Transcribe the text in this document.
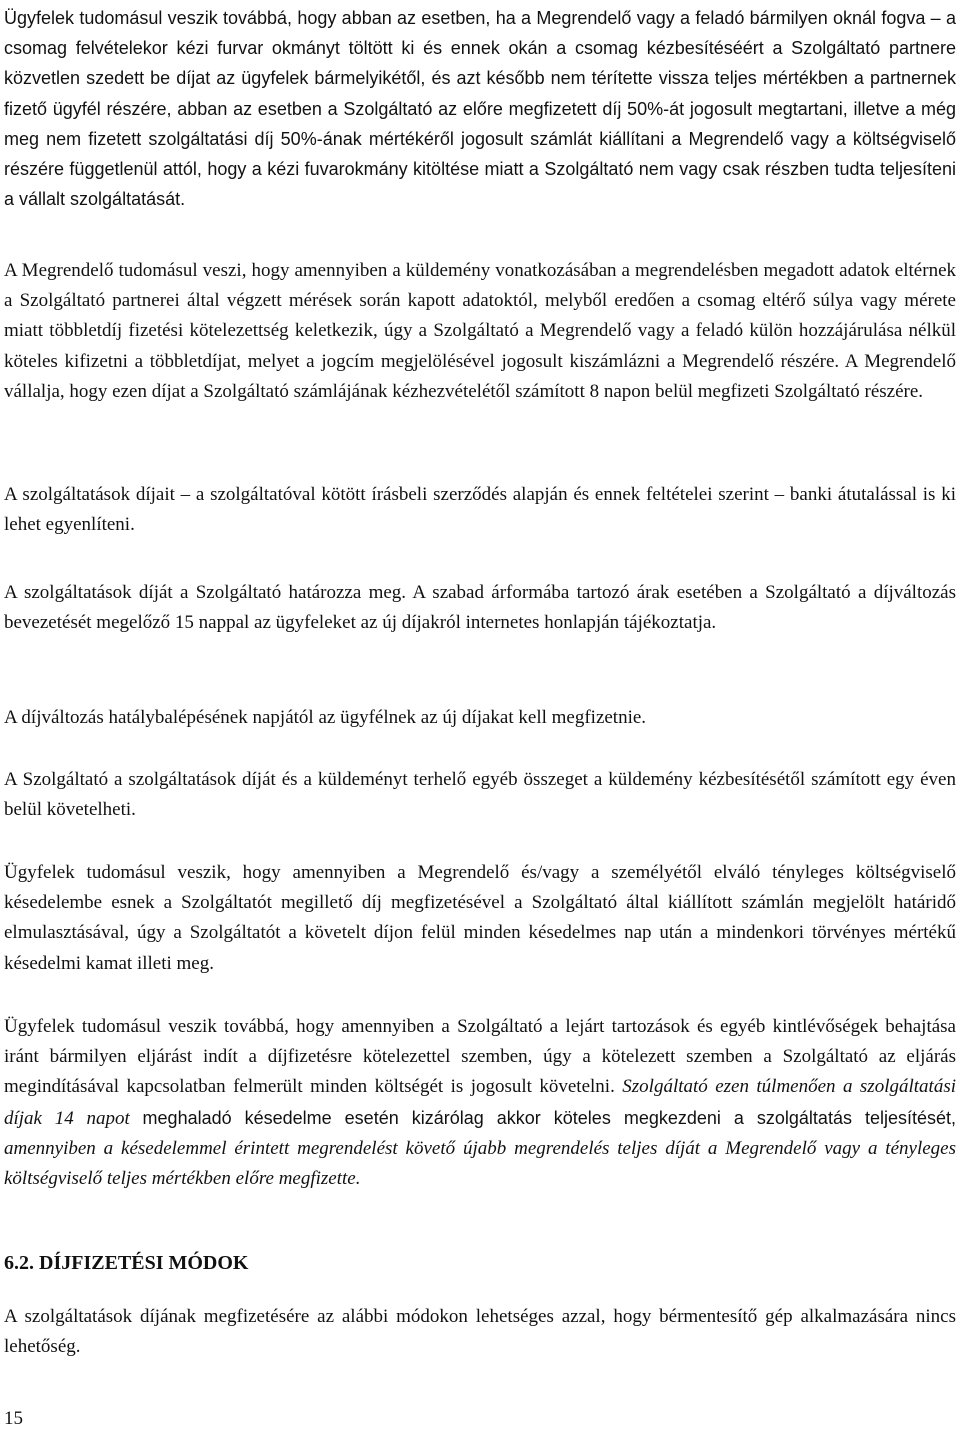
Ügyfelek tudomásul veszik továbbá, hogy abban az esetben, ha a Megrendelő vagy a feladó bármilyen oknál fogva – a csomag felvételekor kézi furvar okmányt töltött ki és ennek okán a csomag kézbesítéséért a Szolgáltató partnere közvetlen szedett be díjat az ügyfelek bármelyikétől, és azt később nem térítette vissza teljes mértékben a partnernek fizető ügyfél részére, abban az esetben a Szolgáltató az előre megfizetett díj 50%-át jogosult megtartani, illetve a még meg nem fizetett szolgáltatási díj 50%-ának mértékéről jogosult számlát kiállítani a Megrendelő vagy a költségviselő részére függetlenül attól, hogy a kézi fuvarokmány kitöltése miatt a Szolgáltató nem vagy csak részben tudta teljesíteni a vállalt szolgáltatását.

A Megrendelő tudomásul veszi, hogy amennyiben a küldemény vonatkozásában a megrendelésben megadott adatok eltérnek a Szolgáltató partnerei által végzett mérések során kapott adatoktól, melyből eredően a csomag eltérő súlya vagy mérete miatt többletdíj fizetési kötelezettség keletkezik, úgy a Szolgáltató a Megrendelő vagy a feladó külön hozzájárulása nélkül köteles kifizetni a többletdíjat, melyet a jogcím megjelölésével jogosult kiszámlázni a Megrendelő részére. A Megrendelő vállalja, hogy ezen díjat a Szolgáltató számlájának kézhezvételétől számított 8 napon belül megfizeti Szolgáltató részére.

A szolgáltatások díjait – a szolgáltatóval kötött írásbeli szerződés alapján és ennek feltételei szerint – banki átutalással is ki lehet egyenlíteni.

A szolgáltatások díját a Szolgáltató határozza meg. A szabad árformába tartozó árak esetében a Szolgáltató a díjváltozás bevezetését megelőző 15 nappal az ügyfeleket az új díjakról internetes honlapján tájékoztatja.

A díjváltozás hatálybalépésének napjától az ügyfélnek az új díjakat kell megfizetnie.

A Szolgáltató a szolgáltatások díját és a küldeményt terhelő egyéb összeget a küldemény kézbesítésétől számított egy éven belül követelheti.

Ügyfelek tudomásul veszik, hogy amennyiben a Megrendelő és/vagy a személyétől elváló tényleges költségviselő késedelembe esnek a Szolgáltatót megillető díj megfizetésével a Szolgáltató által kiállított számlán megjelölt határidő elmulasztásával, úgy a Szolgáltatót a követelt díjon felül minden késedelmes nap után a mindenkori törvényes mértékű késedelmi kamat illeti meg.

Ügyfelek tudomásul veszik továbbá, hogy amennyiben a Szolgáltató a lejárt tartozások és egyéb kintlévőségek behajtása iránt bármilyen eljárást indít a díjfizetésre kötelezettel szemben, úgy a kötelezett szemben a Szolgáltató az eljárás megindításával kapcsolatban felmerült minden költségét is jogosult követelni. Szolgáltató ezen túlmenően a szolgáltatási díjak 14 napot meghaladó késedelme esetén kizárólag akkor köteles megkezdeni a szolgáltatás teljesítését, amennyiben a késedelemmel érintett megrendelést követő újabb megrendelés teljes díját a Megrendelő vagy a tényleges költségviselő teljes mértékben előre megfizette.

6.2. DÍJFIZETÉSI MÓDOK

A szolgáltatások díjának megfizetésére az alábbi módokon lehetséges azzal, hogy bérmentesítő gép alkalmazására nincs lehetőség.

15
